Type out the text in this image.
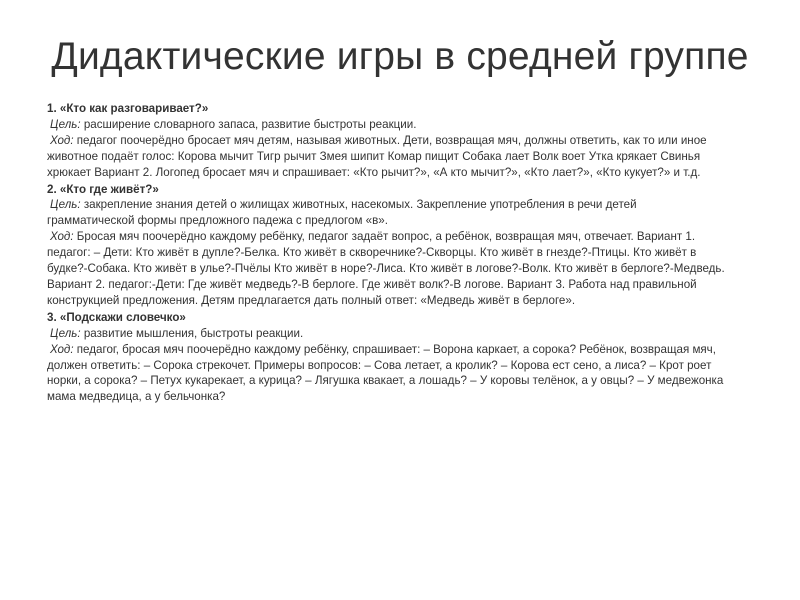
Дидактические игры в средней группе
1. «Кто как разговаривает?»
Цель: расширение словарного запаса, развитие быстроты реакции.
Ход: педагог поочерёдно бросает мяч детям, называя животных. Дети, возвращая мяч, должны ответить, как то или иное животное подаёт голос: Корова мычит Тигр рычит Змея шипит Комар пищит Собака лает Волк воет Утка крякает Свинья хрюкает Вариант 2. Логопед бросает мяч и спрашивает: «Кто рычит?», «А кто мычит?», «Кто лает?», «Кто кукует?» и т.д.
2. «Кто где живёт?»
Цель: закрепление знания детей о жилищах животных, насекомых. Закрепление употребления в речи детей грамматической формы предложного падежа с предлогом «в».
Ход: Бросая мяч поочерёдно каждому ребёнку, педагог задаёт вопрос, а ребёнок, возвращая мяч, отвечает. Вариант 1. педагог: – Дети: Кто живёт в дупле?-Белка. Кто живёт в скворечнике?-Скворцы. Кто живёт в гнезде?-Птицы. Кто живёт в будке?-Собака. Кто живёт в улье?-Пчёлы Кто живёт в норе?-Лиса. Кто живёт в логове?-Волк. Кто живёт в берлоге?-Медведь. Вариант 2. педагог:-Дети: Где живёт медведь?-В берлоге. Где живёт волк?-В логове. Вариант 3. Работа над правильной конструкцией предложения. Детям предлагается дать полный ответ: «Медведь живёт в берлоге».
3. «Подскажи словечко»
Цель: развитие мышления, быстроты реакции.
Ход: педагог, бросая мяч поочерёдно каждому ребёнку, спрашивает: – Ворона каркает, а сорока? Ребёнок, возвращая мяч, должен ответить: – Сорока стрекочет. Примеры вопросов: – Сова летает, а кролик? – Корова ест сено, а лиса? – Крот роет норки, а сорока? – Петух кукарекает, а курица? – Лягушка квакает, а лошадь? – У коровы телёнок, а у овцы? – У медвежонка мама медведица, а у бельчонка?
